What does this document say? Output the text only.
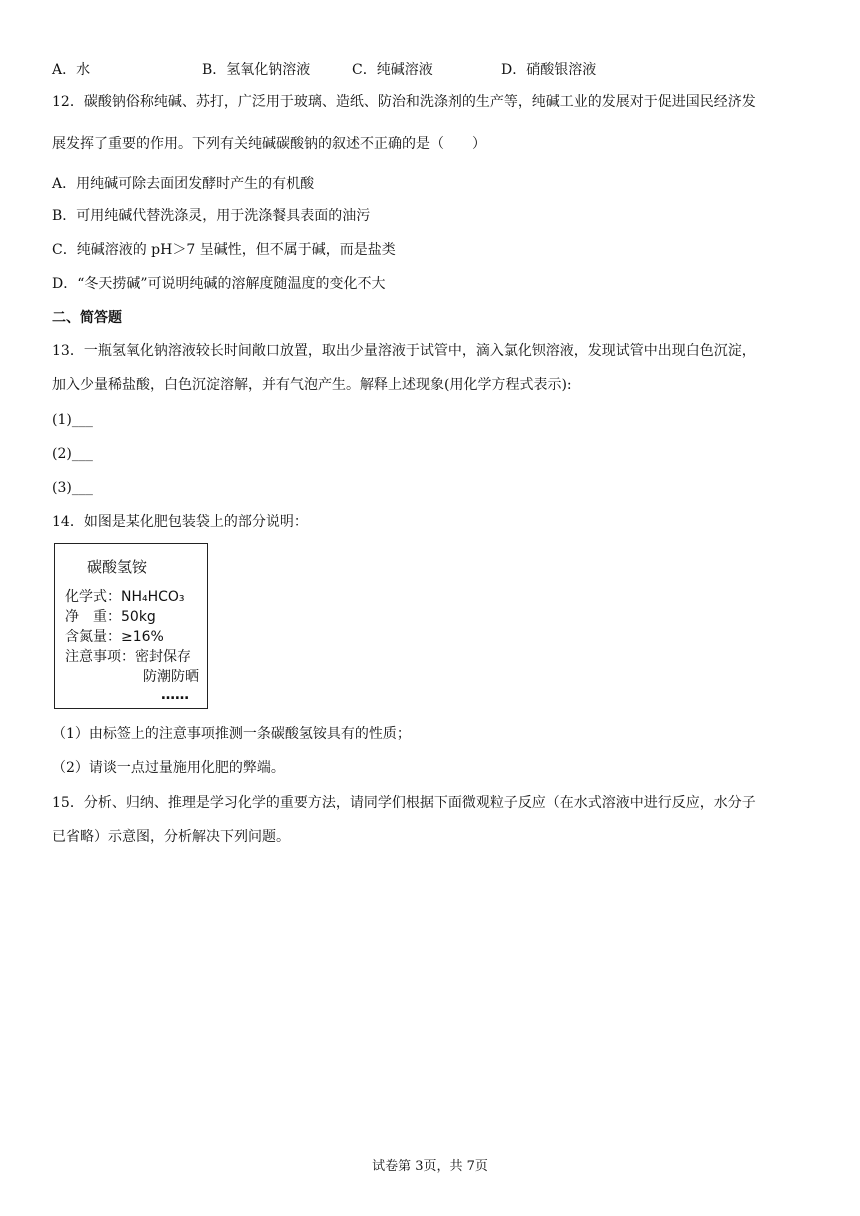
A．水	B．氢氧化钠溶液	C．纯碱溶液	D．硝酸银溶液
12．碳酸钠俗称纯碱、苏打，广泛用于玻璃、造纸、防治和洗涤剂的生产等，纯碱工业的发展对于促进国民经济发
展发挥了重要的作用。下列有关纯碱碳酸钠的叙述不正确的是（　　）
A．用纯碱可除去面团发酵时产生的有机酸
B．可用纯碱代替洗涤灵，用于洗涤餐具表面的油污
C．纯碱溶液的 pH＞7 呈碱性，但不属于碱，而是盐类
D．“冬天捞碱”可说明纯碱的溶解度随温度的变化不大
二、简答题
13．一瓶氢氧化钠溶液较长时间敞口放置，取出少量溶液于试管中，滴入氯化钡溶液，发现试管中出现白色沉淀，
加入少量稀盐酸，白色沉淀溶解，并有气泡产生。解释上述现象(用化学方程式表示):
(1)___
(2)___
(3)___
14．如图是某化肥包装袋上的部分说明：
碳酸氢铵
化学式：NH₄HCO₃
净　重：50kg
含氮量：≥16%
注意事项：密封保存
防潮防晒
……
（1）由标签上的注意事项推测一条碳酸氢铵具有的性质；
（2）请谈一点过量施用化肥的弊端。
15．分析、归纳、推理是学习化学的重要方法，请同学们根据下面微观粒子反应（在水式溶液中进行反应，水分子
已省略）示意图，分析解决下列问题。
试卷第 3页，共 7页
